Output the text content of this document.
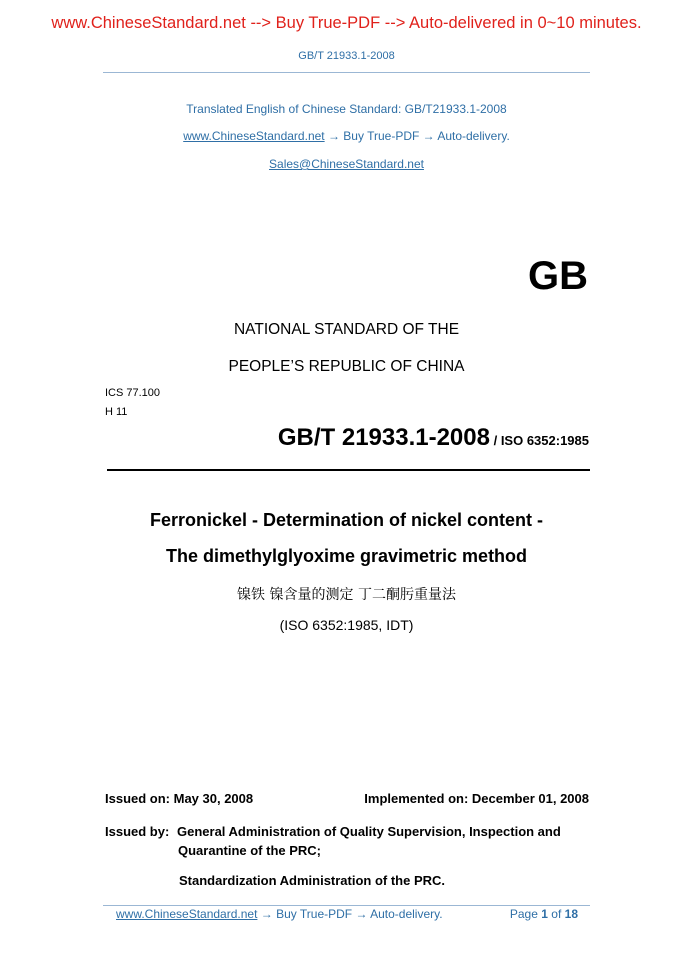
www.ChineseStandard.net --> Buy True-PDF --> Auto-delivered in 0~10 minutes.
GB/T 21933.1-2008
Translated English of Chinese Standard: GB/T21933.1-2008
www.ChineseStandard.net → Buy True-PDF → Auto-delivery.
Sales@ChineseStandard.net
GB
NATIONAL STANDARD OF THE
PEOPLE’S REPUBLIC OF CHINA
ICS 77.100
H 11
GB/T 21933.1-2008 / ISO 6352:1985
Ferronickel - Determination of nickel content -
The dimethylglyoxime gravimetric method
镍铁 镍含量的测定 丁二酮肟重量法
(ISO 6352:1985, IDT)
Issued on: May 30, 2008	Implemented on: December 01, 2008
Issued by: General Administration of Quality Supervision, Inspection and
Quarantine of the PRC;
Standardization Administration of the PRC.
www.ChineseStandard.net → Buy True-PDF → Auto-delivery.	Page 1 of 18
